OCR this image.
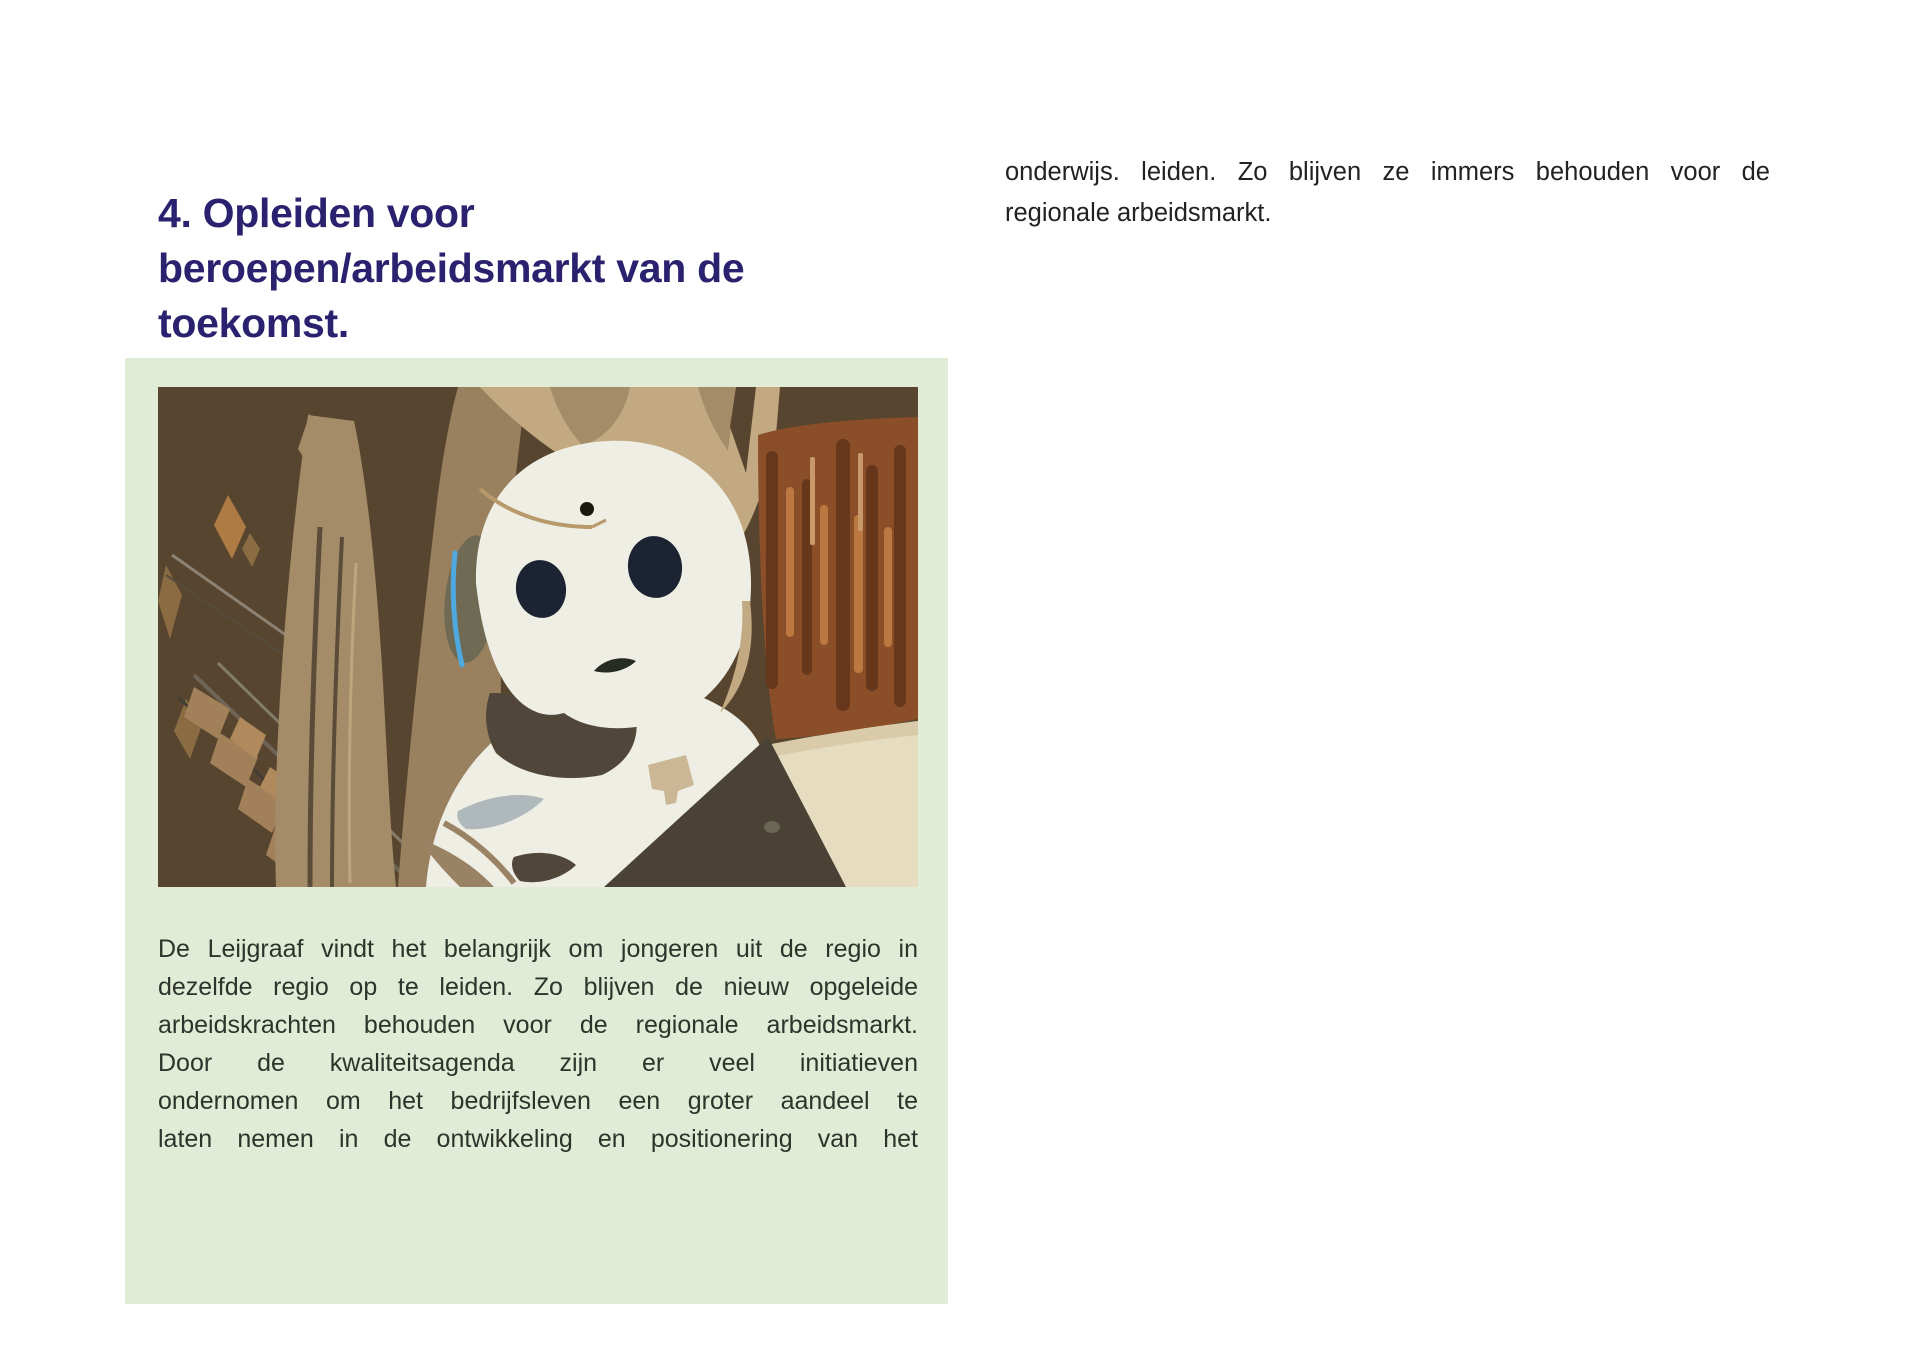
4. Opleiden voor
beroepen/arbeidsmarkt van de
toekomst.
De Leijgraaf vindt het belangrijk om jongeren uit de regio in
dezelfde regio op te leiden. Zo blijven de nieuw opgeleide
arbeidskrachten behouden voor de regionale arbeidsmarkt.
Door de kwaliteitsagenda zijn er veel initiatieven
ondernomen om het bedrijfsleven een groter aandeel te
laten nemen in de ontwikkeling en positionering van het
onderwijs. leiden. Zo blijven ze immers behouden voor de
regionale arbeidsmarkt.
